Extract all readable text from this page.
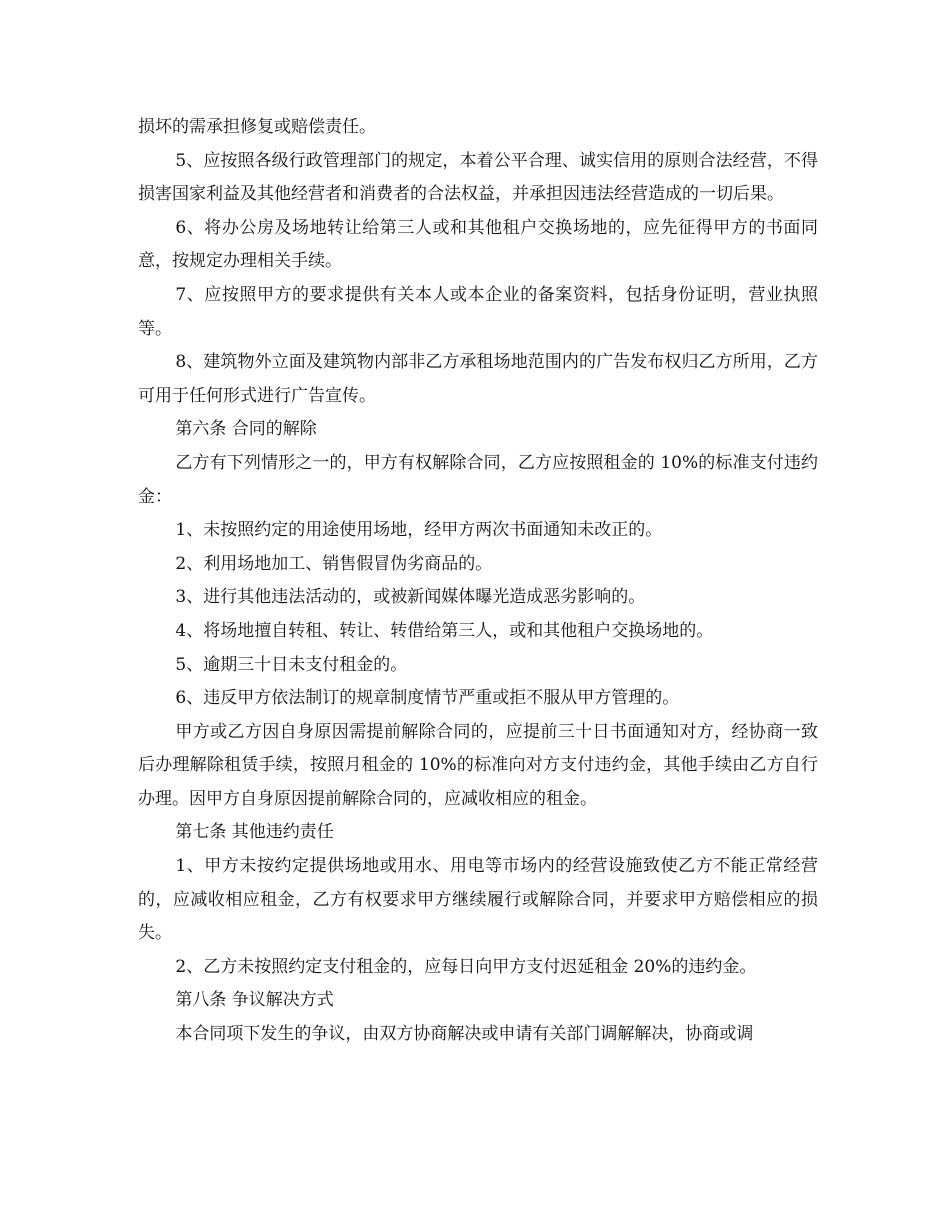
损坏的需承担修复或赔偿责任。

5、应按照各级行政管理部门的规定，本着公平合理、诚实信用的原则合法经营，不得损害国家利益及其他经营者和消费者的合法权益，并承担因违法经营造成的一切后果。

6、将办公房及场地转让给第三人或和其他租户交换场地的，应先征得甲方的书面同意，按规定办理相关手续。

7、应按照甲方的要求提供有关本人或本企业的备案资料，包括身份证明，营业执照等。

8、建筑物外立面及建筑物内部非乙方承租场地范围内的广告发布权归乙方所用，乙方可用于任何形式进行广告宣传。

第六条 合同的解除

乙方有下列情形之一的，甲方有权解除合同，乙方应按照租金的 10%的标准支付违约金：

1、未按照约定的用途使用场地，经甲方两次书面通知未改正的。

2、利用场地加工、销售假冒伪劣商品的。

3、进行其他违法活动的，或被新闻媒体曝光造成恶劣影响的。

4、将场地擅自转租、转让、转借给第三人，或和其他租户交换场地的。

5、逾期三十日未支付租金的。

6、违反甲方依法制订的规章制度情节严重或拒不服从甲方管理的。

甲方或乙方因自身原因需提前解除合同的，应提前三十日书面通知对方，经协商一致后办理解除租赁手续，按照月租金的 10%的标准向对方支付违约金，其他手续由乙方自行办理。因甲方自身原因提前解除合同的，应减收相应的租金。

第七条 其他违约责任

1、甲方未按约定提供场地或用水、用电等市场内的经营设施致使乙方不能正常经营的，应减收相应租金，乙方有权要求甲方继续履行或解除合同，并要求甲方赔偿相应的损失。

2、乙方未按照约定支付租金的，应每日向甲方支付迟延租金 20%的违约金。

第八条 争议解决方式

本合同项下发生的争议，由双方协商解决或申请有关部门调解解决，协商或调
